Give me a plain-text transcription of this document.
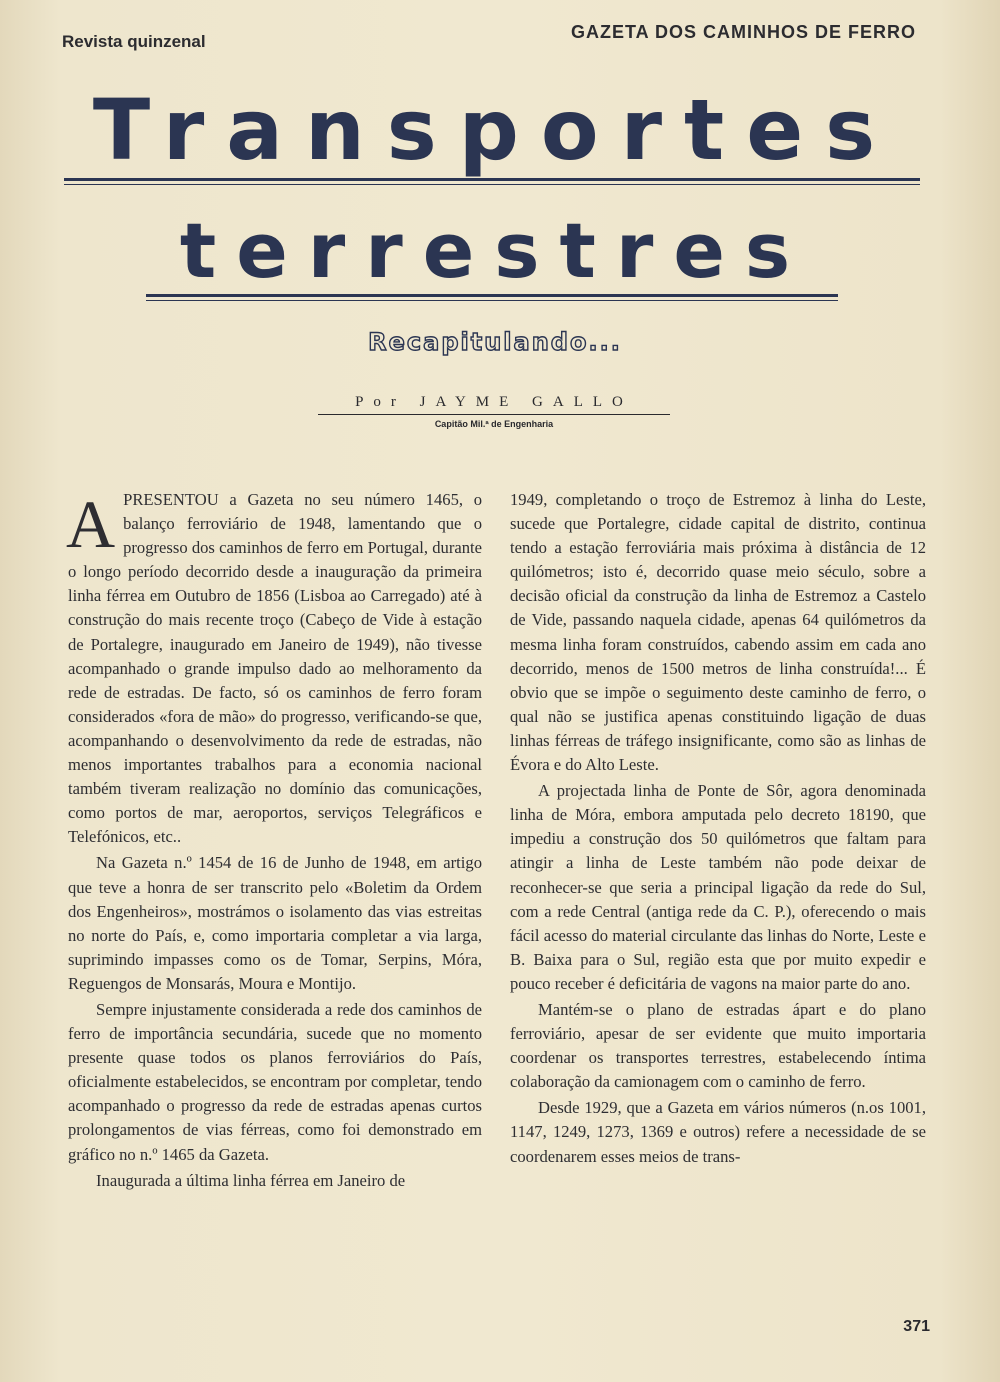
Revista quinzenal	GAZETA DOS CAMINHOS DE FERRO
Transportes
terrestres
Recapitulando...
Por JAYME GALLO
Capitão Mil.ª de Engenharia

APRESENTOU a Gazeta no seu número 1465, o balanço ferroviário de 1948, lamentando que o progresso dos caminhos de ferro em Portugal, durante o longo período decorrido desde a inauguração da primeira linha férrea em Outubro de 1856 (Lisboa ao Carregado) até à construção do mais recente troço (Cabeço de Vide à estação de Portalegre, inaugurado em Janeiro de 1949), não tivesse acompanhado o grande impulso dado ao melhoramento da rede de estradas. De facto, só os caminhos de ferro foram considerados «fora de mão» do progresso, verificando-se que, acompanhando o desenvolvimento da rede de estradas, não menos importantes trabalhos para a economia nacional também tiveram realização no domínio das comunicações, como portos de mar, aeroportos, serviços Telegráficos e Telefónicos, etc..

Na Gazeta n.º 1454 de 16 de Junho de 1948, em artigo que teve a honra de ser transcrito pelo «Boletim da Ordem dos Engenheiros», mostrámos o isolamento das vias estreitas no norte do País, e, como importaria completar a via larga, suprimindo impasses como os de Tomar, Serpins, Móra, Reguengos de Monsarás, Moura e Montijo.

Sempre injustamente considerada a rede dos caminhos de ferro de importância secundária, sucede que no momento presente quase todos os planos ferroviários do País, oficialmente estabelecidos, se encontram por completar, tendo acompanhado o progresso da rede de estradas apenas curtos prolongamentos de vias férreas, como foi demonstrado em gráfico no n.º 1465 da Gazeta.

Inaugurada a última linha férrea em Janeiro de

1949, completando o troço de Estremoz à linha do Leste, sucede que Portalegre, cidade capital de distrito, continua tendo a estação ferroviária mais próxima à distância de 12 quilómetros; isto é, decorrido quase meio século, sobre a decisão oficial da construção da linha de Estremoz a Castelo de Vide, passando naquela cidade, apenas 64 quilómetros da mesma linha foram construídos, cabendo assim em cada ano decorrido, menos de 1500 metros de linha construída!... É obvio que se impõe o seguimento deste caminho de ferro, o qual não se justifica apenas constituindo ligação de duas linhas férreas de tráfego insignificante, como são as linhas de Évora e do Alto Leste.

A projectada linha de Ponte de Sôr, agora denominada linha de Móra, embora amputada pelo decreto 18190, que impediu a construção dos 50 quilómetros que faltam para atingir a linha de Leste também não pode deixar de reconhecer-se que seria a principal ligação da rede do Sul, com a rede Central (antiga rede da C. P.), oferecendo o mais fácil acesso do material circulante das linhas do Norte, Leste e B. Baixa para o Sul, região esta que por muito expedir e pouco receber é deficitária de vagons na maior parte do ano.

Mantém-se o plano de estradas ápart e do plano ferroviário, apesar de ser evidente que muito importaria coordenar os transportes terrestres, estabelecendo íntima colaboração da camionagem com o caminho de ferro.

Desde 1929, que a Gazeta em vários números (n.os 1001, 1147, 1249, 1273, 1369 e outros) refere a necessidade de se coordenarem esses meios de trans-

371
